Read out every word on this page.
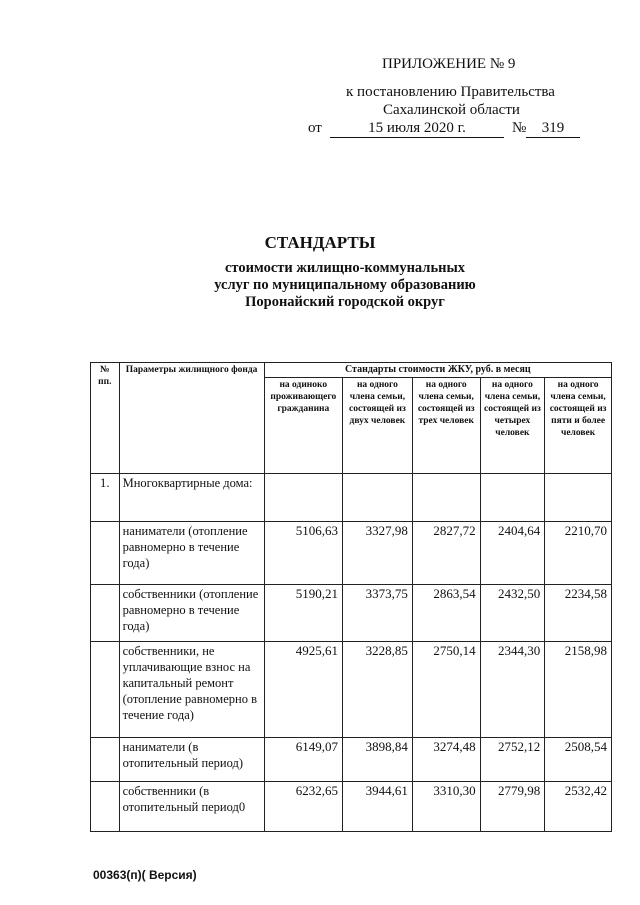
ПРИЛОЖЕНИЕ № 9
к постановлению Правительства
Сахалинской области
от	15 июля 2020 г.	№	319
СТАНДАРТЫ
стоимости жилищно-коммунальных
услуг по муниципальному образованию
Поронайский городской округ
№ пп.	Параметры жилищного фонда	Стандарты стоимости ЖКУ, руб. в месяц				
		на одиноко проживающего гражданина	на одного члена семьи, состоящей из двух человек	на одного члена семьи, состоящей из трех человек	на одного члена семьи, состоящей из четырех человек	на одного члена семьи, состоящей из пяти и более человек
1.	Многоквартирные дома:					
	наниматели (отопление равномерно в течение года)	5106,63	3327,98	2827,72	2404,64	2210,70
	собственники (отопление равномерно в течение года)	5190,21	3373,75	2863,54	2432,50	2234,58
	собственники, не уплачивающие взнос на капитальный ремонт (отопление равномерно в течение года)	4925,61	3228,85	2750,14	2344,30	2158,98
	наниматели (в отопительный период)	6149,07	3898,84	3274,48	2752,12	2508,54
	собственники (в отопительный период0	6232,65	3944,61	3310,30	2779,98	2532,42
00363(п)( Версия)
